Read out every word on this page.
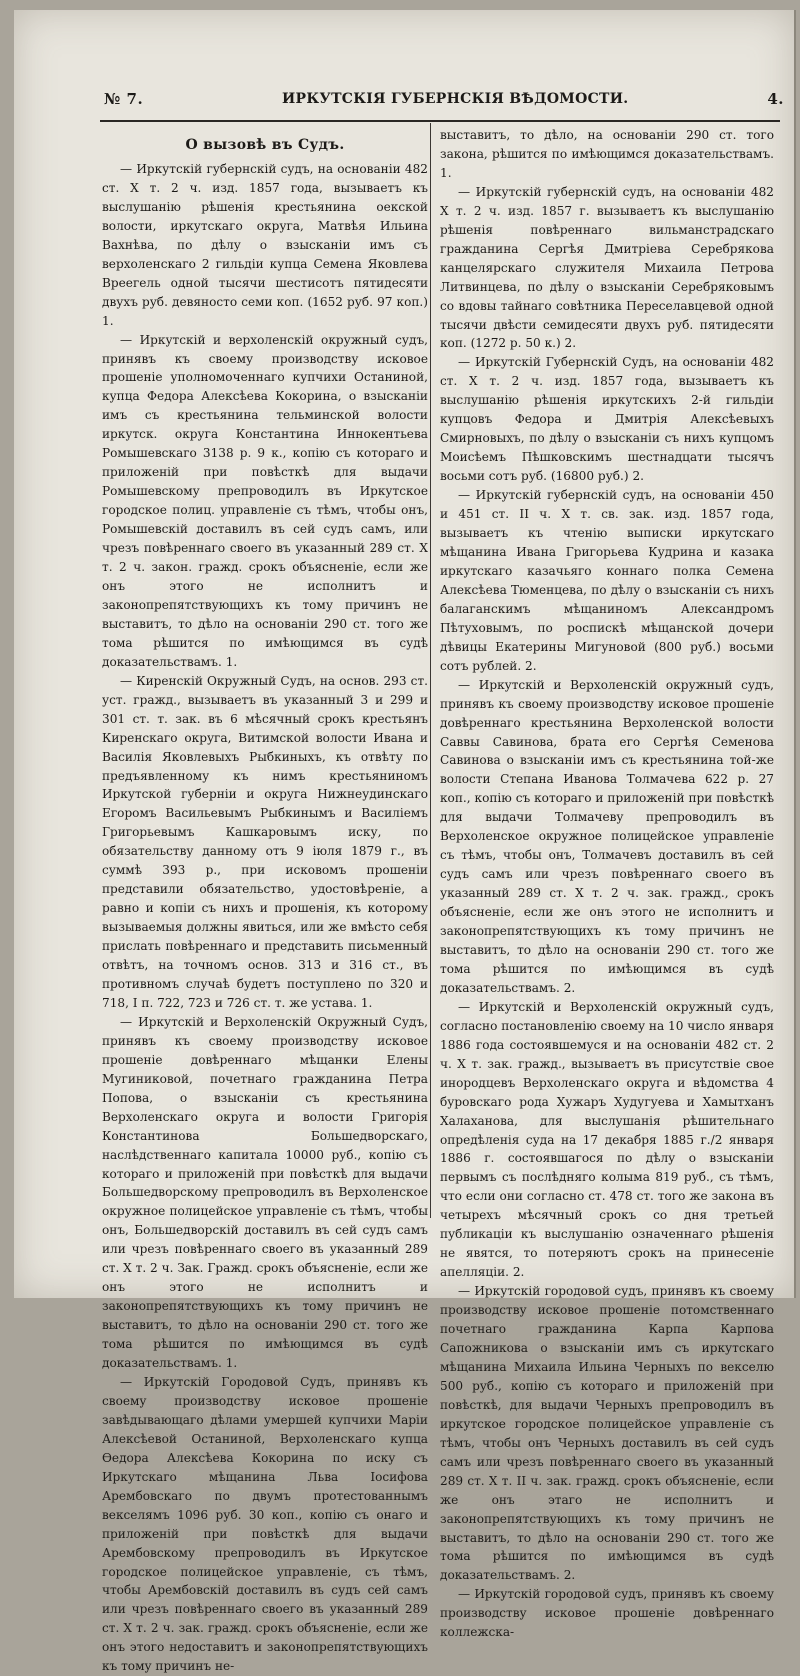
№ 7.	ИРКУТСКІЯ ГУБЕРНСКІЯ ВѢДОМОСТИ.	4.
О вызовѣ въ Судъ.

— Иркутскій губернскій судъ, на основаніи 482 ст. X т. 2 ч. изд. 1857 года, вызываетъ къ выслушанію рѣшенія крестьянина оекской волости, иркутскаго округа, Матвѣя Ильина Вахнѣва, по дѣлу о взысканіи имъ съ верхоленскаго 2 гильдіи купца Семена Яковлева Вреегель одной тысячи шестисотъ пятидесяти двухъ руб. девяносто семи коп. (1652 руб. 97 коп.) 1.

— Иркутскій и верхоленскій окружный судъ, принявъ къ своему производству исковое прошеніе уполномоченнаго купчихи Останиной, купца Федора Алексѣева Кокорина, о взысканіи имъ съ крестьянина тельминской волости иркутск. округа Константина Иннокентьева Ромышевскаго 3138 р. 9 к., копію съ котораго и приложеній при повѣсткѣ для выдачи Ромышевскому препроводилъ въ Иркутское городское полиц. управленіе съ тѣмъ, чтобы онъ, Ромышевскій доставилъ въ сей судъ самъ, или чрезъ повѣреннаго своего въ указанный 289 ст. X т. 2 ч. закон. гражд. срокъ объясненіе, если же онъ этого не исполнитъ и законопрепятствующихъ къ тому причинъ не выставитъ, то дѣло на основаніи 290 ст. того же тома рѣшится по имѣющимся въ судѣ доказательствамъ. 1.

— Киренскій Окружный Судъ, на основ. 293 ст. уст. гражд., вызываетъ въ указанный 3 и 299 и 301 ст. т. зак. въ 6 мѣсячный срокъ крестьянъ Киренскаго округа, Витимской волости Ивана и Василія Яковлевыхъ Рыбкиныхъ, къ отвѣту по предъявленному къ нимъ крестьяниномъ Иркутской губерніи и округа Нижнеудинскаго Егоромъ Васильевымъ Рыбкинымъ и Василіемъ Григорьевымъ Кашкаровымъ иску, по обязательству данному отъ 9 іюля 1879 г., въ суммѣ 393 р., при исковомъ прошеніи представили обязательство, удостовѣреніе, а равно и копіи съ нихъ и прошенія, къ которому вызываемыя должны явиться, или же вмѣсто себя прислать повѣреннаго и представить письменный отвѣтъ, на точномъ основ. 313 и 316 ст., въ противномъ случаѣ будетъ поступлено по 320 и 718, I п. 722, 723 и 726 ст. т. же устава. 1.

— Иркутскій и Верхоленскій Окружный Судъ, принявъ къ своему производству исковое прошеніе довѣреннаго мѣщанки Елены Мугиниковой, почетнаго гражданина Петра Попова, о взысканіи съ крестьянина Верхоленскаго округа и волости Григорія Константинова Большедворскаго, наслѣдственнаго капитала 10000 руб., копію съ котораго и приложеній при повѣсткѣ для выдачи Большедворскому препроводилъ въ Верхоленское окружное полицейское управленіе съ тѣмъ, чтобы онъ, Большедворскій доставилъ въ сей судъ самъ или чрезъ повѣреннаго своего въ указанный 289 ст. X т. 2 ч. Зак. Гражд. срокъ объясненіе, если же онъ этого не исполнитъ и законопрепятствующихъ къ тому причинъ не выставитъ, то дѣло на основаніи 290 ст. того же тома рѣшится по имѣющимся въ судѣ доказательствамъ. 1.

— Иркутскій Городовой Судъ, принявъ къ своему производству исковое прошеніе завѣдывающаго дѣлами умершей купчихи Маріи Алексѣевой Останиной, Верхоленскаго купца Ѳедора Алексѣева Кокорина по иску съ Иркутскаго мѣщанина Льва Іосифова Арембовскаго по двумъ протестованнымъ векселямъ 1096 руб. 30 коп., копію съ онаго и приложеній при повѣсткѣ для выдачи Арембовскому препроводилъ въ Иркутское городское полицейское управленіе, съ тѣмъ, чтобы Арембовскій доставилъ въ судъ сей самъ или чрезъ повѣреннаго своего въ указанный 289 ст. X т. 2 ч. зак. гражд. срокъ объясненіе, если же онъ этого недоставитъ и законопрепятствующихъ къ тому причинъ не-

выставитъ, то дѣло, на основаніи 290 ст. того закона, рѣшится по имѣющимся доказательствамъ. 1.

— Иркутскій губернскій судъ, на основаніи 482 X т. 2 ч. изд. 1857 г. вызываетъ къ выслушанію рѣшенія повѣреннаго вильманстрадскаго гражданина Сергѣя Дмитріева Серебрякова канцелярскаго служителя Михаила Петрова Литвинцева, по дѣлу о взысканіи Серебряковымъ со вдовы тайнаго совѣтника Переселавцевой одной тысячи двѣсти семидесяти двухъ руб. пятидесяти коп. (1272 р. 50 к.) 2.

— Иркутскій Губернскій Судъ, на основаніи 482 ст. X т. 2 ч. изд. 1857 года, вызываетъ къ выслушанію рѣшенія иркутскихъ 2-й гильдіи купцовъ Федора и Дмитрія Алексѣевыхъ Смирновыхъ, по дѣлу о взысканіи съ нихъ купцомъ Моисѣемъ Пѣшковскимъ шестнадцати тысячъ восьми сотъ руб. (16800 руб.) 2.

— Иркутскій губернскій судъ, на основаніи 450 и 451 ст. II ч. X т. св. зак. изд. 1857 года, вызываетъ къ чтенію выписки иркутскаго мѣщанина Ивана Григорьева Кудрина и казака иркутскаго казачьяго коннаго полка Семена Алексѣева Тюменцева, по дѣлу о взысканіи съ нихъ балаганскимъ мѣщаниномъ Александромъ Пѣтуховымъ, по роспискѣ мѣщанской дочери дѣвицы Екатерины Мигуновой (800 руб.) восьми сотъ рублей. 2.

— Иркутскій и Верхоленскій окружный судъ, принявъ къ своему производству исковое прошеніе довѣреннаго крестьянина Верхоленской волости Саввы Савинова, брата его Сергѣя Семенова Савинова о взысканіи имъ съ крестьянина той-же волости Степана Иванова Толмачева 622 р. 27 коп., копію съ котораго и приложеній при повѣсткѣ для выдачи Толмачеву препроводилъ въ Верхоленское окружное полицейское управленіе съ тѣмъ, чтобы онъ, Толмачевъ доставилъ въ сей судъ самъ или чрезъ повѣреннаго своего въ указанный 289 ст. X т. 2 ч. зак. гражд., срокъ объясненіе, если же онъ этого не исполнитъ и законопрепятствующихъ къ тому причинъ не выставитъ, то дѣло на основаніи 290 ст. того же тома рѣшится по имѣющимся въ судѣ доказательствамъ. 2.

— Иркутскій и Верхоленскій окружный судъ, согласно постановленію своему на 10 число января 1886 года состоявшемуся и на основаніи 482 ст. 2 ч. X т. зак. гражд., вызываетъ въ присутствіе свое инородцевъ Верхоленскаго округа и вѣдомства 4 буровскаго рода Хужаръ Худугуева и Хамытханъ Халаханова, для выслушанія рѣшительнаго опредѣленія суда на 17 декабря 1885 г./2 января 1886 г. состоявшагося по дѣлу о взысканіи первымъ съ послѣдняго колыма 819 руб., съ тѣмъ, что если они согласно ст. 478 ст. того же закона въ четырехъ мѣсячный срокъ со дня третьей публикаціи къ выслушанію означеннаго рѣшенія не явятся, то потеряютъ срокъ на принесеніе апелляціи. 2.

— Иркутскій городовой судъ, принявъ къ своему производству исковое прошеніе потомственнаго почетнаго гражданина Карпа Карпова Сапожникова о взысканіи имъ съ иркутскаго мѣщанина Михаила Ильина Черныхъ по векселю 500 руб., копію съ котораго и приложеній при повѣсткѣ, для выдачи Черныхъ препроводилъ въ иркутское городское полицейское управленіе съ тѣмъ, чтобы онъ Черныхъ доставилъ въ сей судъ самъ или чрезъ повѣреннаго своего въ указанный 289 ст. X т. II ч. зак. гражд. срокъ объясненіе, если же онъ этаго не исполнитъ и законопрепятствующихъ къ тому причинъ не выставитъ, то дѣло на основаніи 290 ст. того же тома рѣшится по имѣющимся въ судѣ доказательствамъ. 2.

— Иркутскій городовой судъ, принявъ къ своему производству исковое прошеніе довѣреннаго коллежска-
